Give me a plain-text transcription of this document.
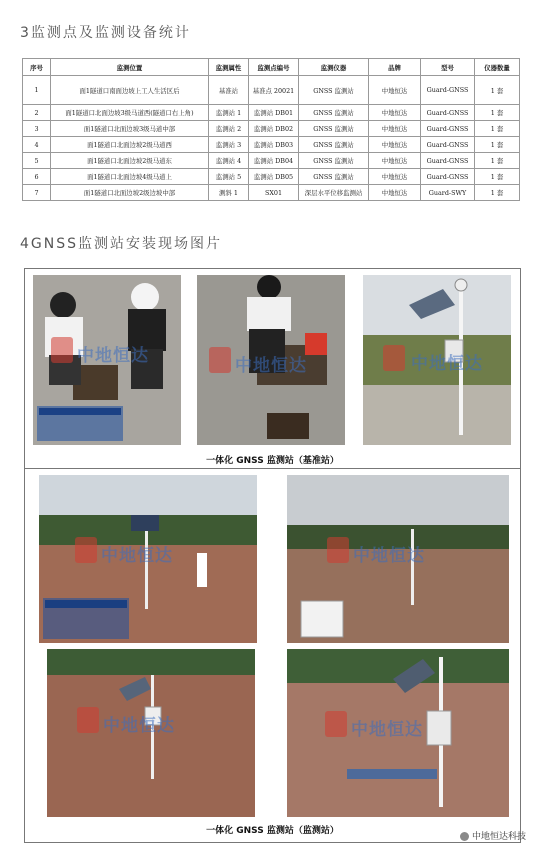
3监测点及监测设备统计
序号	监测位置	监测属性	监测点编号	监测仪器	品牌	型号	仪器数量
1	面1隧道口南面边坡上工人生活区后	基准站	基准点 20021	GNSS 监测站	中地恒达	Guard-GNSS	1 套
2	面1隧道口北面边坡3级马道西(隧道口右上角)	监测站 1	监测站 DB01	GNSS 监测站	中地恒达	Guard-GNSS	1 套
3	面1隧道口北面边坡3级马道中部	监测站 2	监测站 DB02	GNSS 监测站	中地恒达	Guard-GNSS	1 套
4	面1隧道口北面边坡2级马道西	监测站 3	监测站 DB03	GNSS 监测站	中地恒达	Guard-GNSS	1 套
5	面1隧道口北面边坡2级马道东	监测站 4	监测站 DB04	GNSS 监测站	中地恒达	Guard-GNSS	1 套
6	面1隧道口北面边坡4级马道上	监测站 5	监测站 DB05	GNSS 监测站	中地恒达	Guard-GNSS	1 套
7	面1隧道口北面边坡2级边坡中部	测斜 1	SX01	深层水平位移监测站	中地恒达	Guard-SWY	1 套
4GNSS监测站安装现场图片

中地恒达	中地恒达	中地恒达
一体化 GNSS 监测站（基准站）

中地恒达	中地恒达
中地恒达	中地恒达
一体化 GNSS 监测站（监测站）
中地恒达科技
